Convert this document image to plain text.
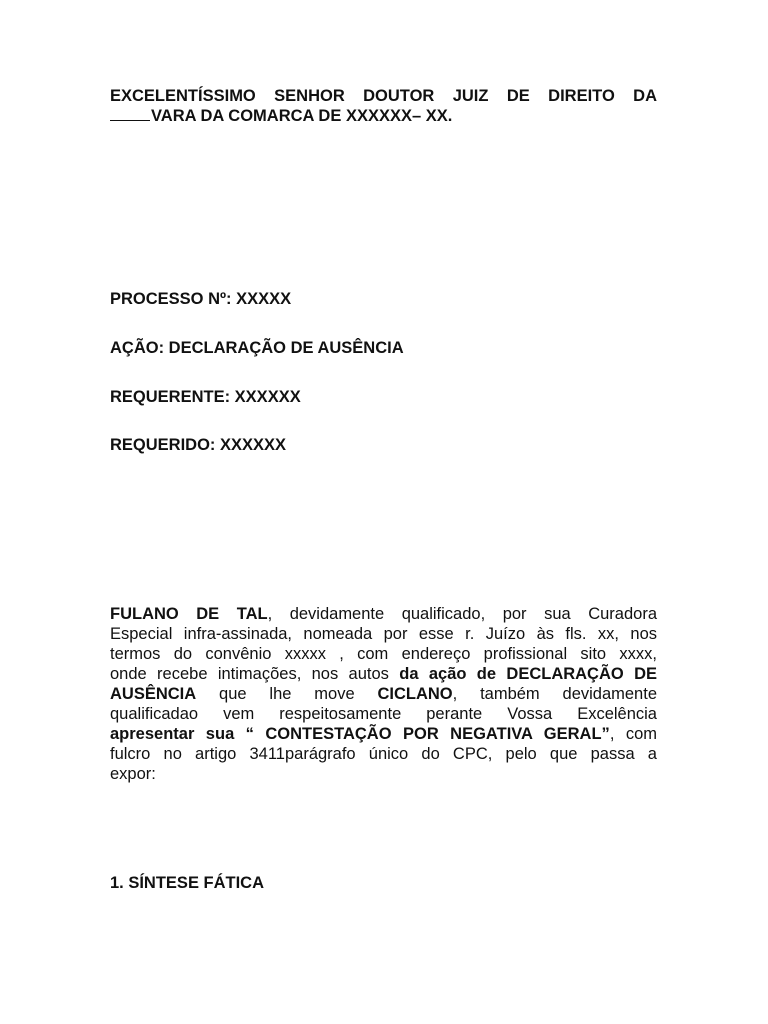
EXCELENTÍSSIMO SENHOR DOUTOR JUIZ DE DIREITO DA
VARA DA COMARCA DE XXXXXX– XX.

PROCESSO Nº: XXXXX

AÇÃO: DECLARAÇÃO DE AUSÊNCIA

REQUERENTE: XXXXXX

REQUERIDO: XXXXXX

FULANO DE TAL, devidamente qualificado, por sua Curadora
Especial infra-assinada, nomeada por esse r. Juízo às fls. xx, nos
termos do convênio xxxxx , com endereço profissional sito xxxx,
onde recebe intimações, nos autos da ação de DECLARAÇÃO DE
AUSÊNCIA que lhe move CICLANO, também devidamente
qualificadao vem respeitosamente perante Vossa Excelência
apresentar sua “ CONTESTAÇÃO POR NEGATIVA GERAL”, com
fulcro no artigo 3411parágrafo único do CPC, pelo que passa a
expor:

1. SÍNTESE FÁTICA
